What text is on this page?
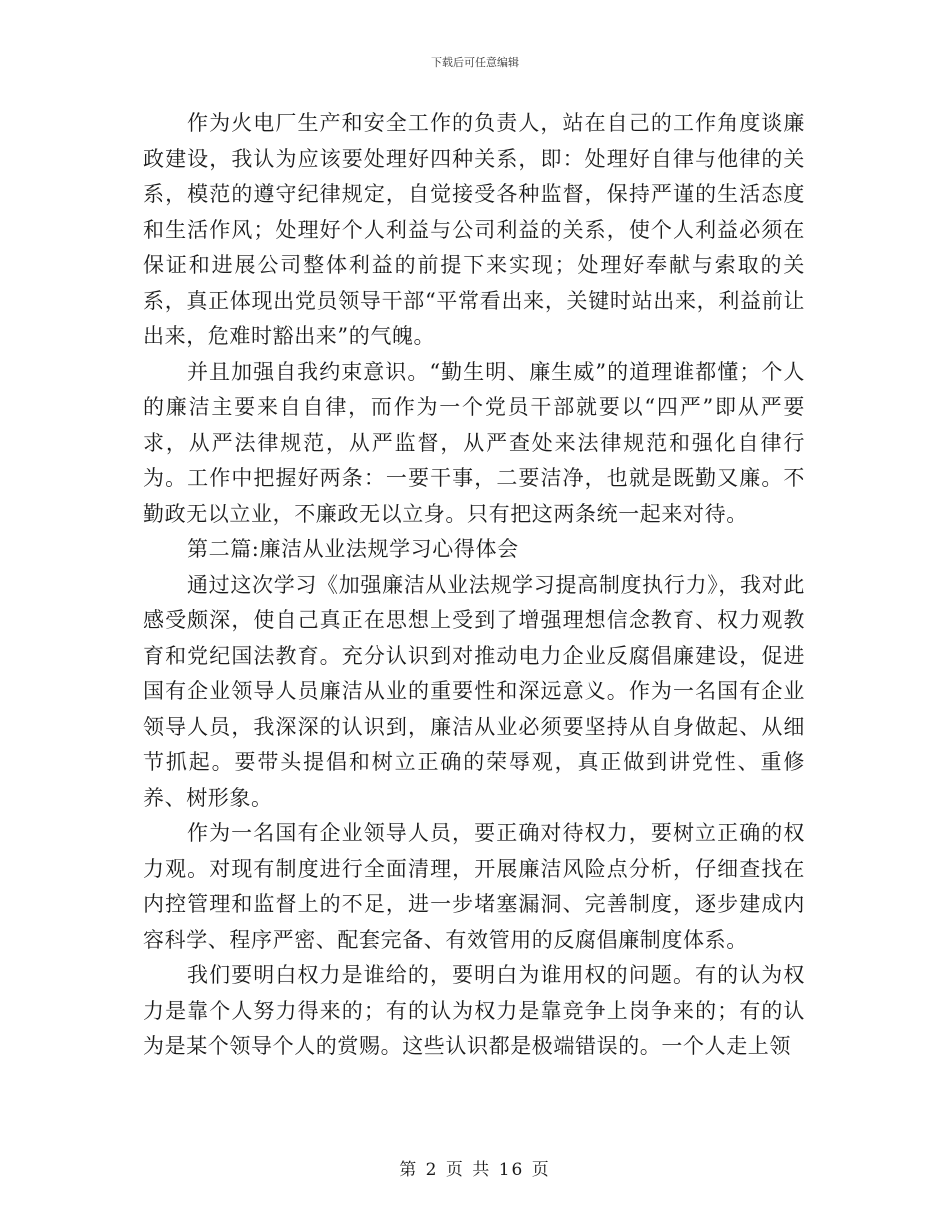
下载后可任意编辑

作为火电厂生产和安全工作的负责人，站在自己的工作角度谈廉政建设，我认为应该要处理好四种关系，即：处理好自律与他律的关系，模范的遵守纪律规定，自觉接受各种监督，保持严谨的生活态度和生活作风；处理好个人利益与公司利益的关系，使个人利益必须在保证和进展公司整体利益的前提下来实现；处理好奉献与索取的关系，真正体现出党员领导干部“平常看出来，关键时站出来，利益前让出来，危难时豁出来”的气魄。

并且加强自我约束意识。“勤生明、廉生威”的道理谁都懂；个人的廉洁主要来自自律，而作为一个党员干部就要以“四严”即从严要求，从严法律规范，从严监督，从严查处来法律规范和强化自律行为。工作中把握好两条：一要干事，二要洁净，也就是既勤又廉。不勤政无以立业，不廉政无以立身。只有把这两条统一起来对待。

第二篇:廉洁从业法规学习心得体会

通过这次学习《加强廉洁从业法规学习提高制度执行力》，我对此感受颇深，使自己真正在思想上受到了增强理想信念教育、权力观教育和党纪国法教育。充分认识到对推动电力企业反腐倡廉建设，促进国有企业领导人员廉洁从业的重要性和深远意义。作为一名国有企业领导人员，我深深的认识到，廉洁从业必须要坚持从自身做起、从细节抓起。要带头提倡和树立正确的荣辱观，真正做到讲党性、重修养、树形象。

作为一名国有企业领导人员，要正确对待权力，要树立正确的权力观。对现有制度进行全面清理，开展廉洁风险点分析，仔细查找在内控管理和监督上的不足，进一步堵塞漏洞、完善制度，逐步建成内容科学、程序严密、配套完备、有效管用的反腐倡廉制度体系。

我们要明白权力是谁给的，要明白为谁用权的问题。有的认为权力是靠个人努力得来的；有的认为权力是靠竞争上岗争来的；有的认为是某个领导个人的赏赐。这些认识都是极端错误的。一个人走上领

第 2 页 共 16 页
